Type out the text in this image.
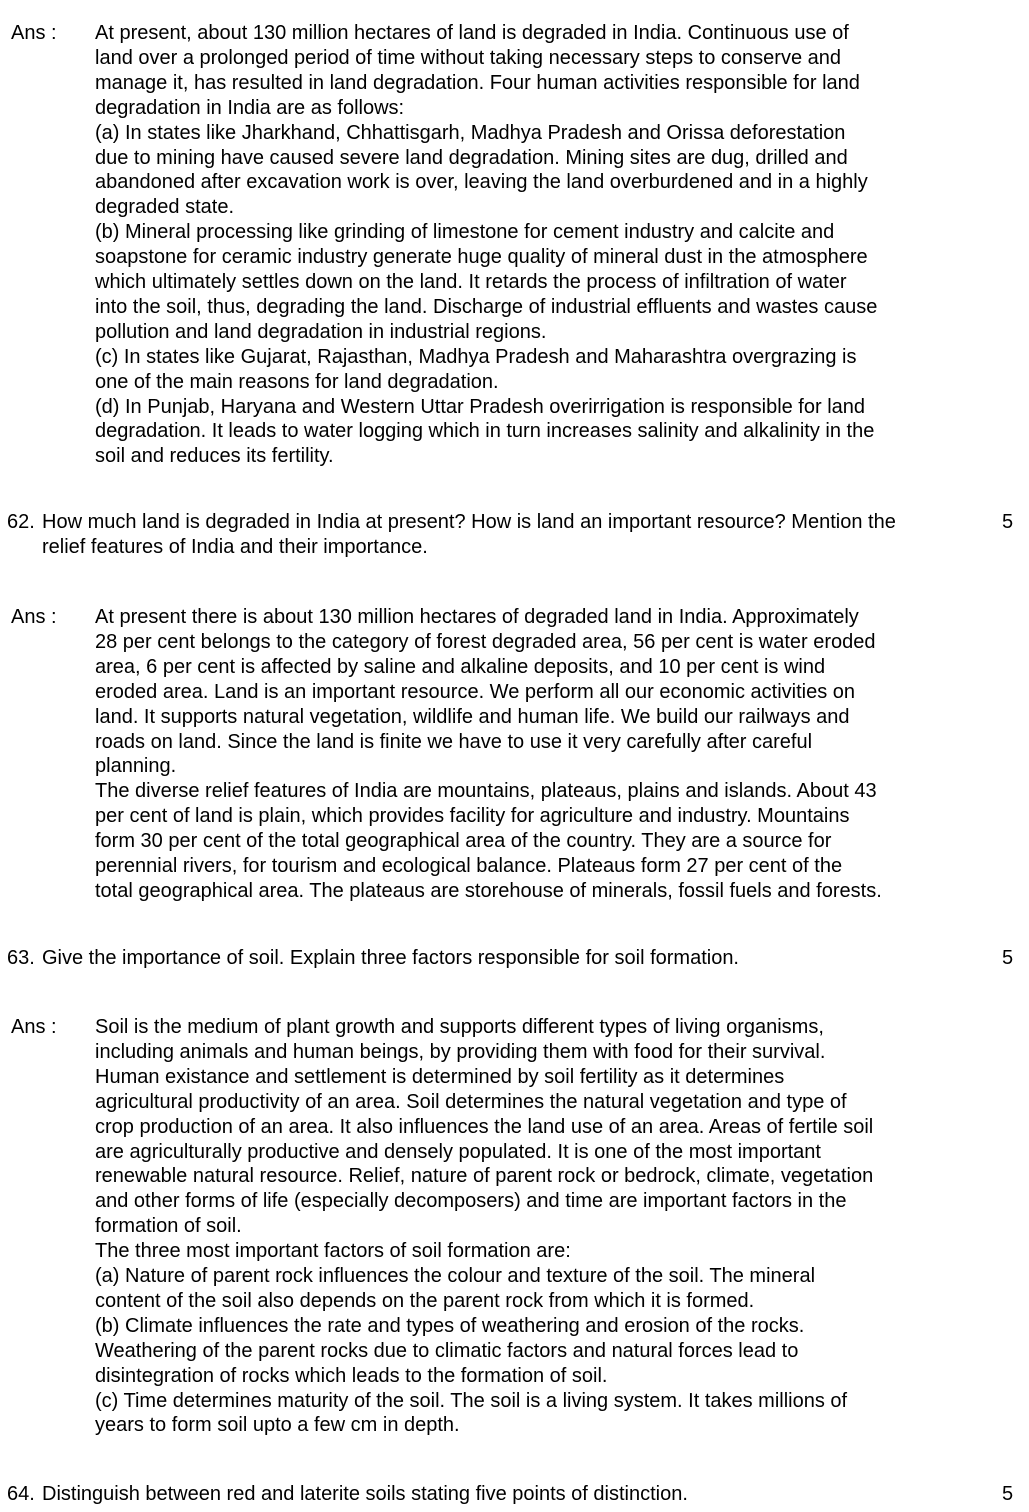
Ans : At present, about 130 million hectares of land is degraded in India. Continuous use of
land over a prolonged period of time without taking necessary steps to conserve and
manage it, has resulted in land degradation. Four human activities responsible for land
degradation in India are as follows:
(a) In states like Jharkhand, Chhattisgarh, Madhya Pradesh and Orissa deforestation
due to mining have caused severe land degradation. Mining sites are dug, drilled and
abandoned after excavation work is over, leaving the land overburdened and in a highly
degraded state.
(b) Mineral processing like grinding of limestone for cement industry and calcite and
soapstone for ceramic industry generate huge quality of mineral dust in the atmosphere
which ultimately settles down on the land. It retards the process of infiltration of water
into the soil, thus, degrading the land. Discharge of industrial effluents and wastes cause
pollution and land degradation in industrial regions.
(c) In states like Gujarat, Rajasthan, Madhya Pradesh and Maharashtra overgrazing is
one of the main reasons for land degradation.
(d) In Punjab, Haryana and Western Uttar Pradesh overirrigation is responsible for land
degradation. It leads to water logging which in turn increases salinity and alkalinity in the
soil and reduces its fertility.
62. How much land is degraded in India at present? How is land an important resource? Mention the
relief features of India and their importance.
5
Ans : At present there is about 130 million hectares of degraded land in India. Approximately
28 per cent belongs to the category of forest degraded area, 56 per cent is water eroded
area, 6 per cent is affected by saline and alkaline deposits, and 10 per cent is wind
eroded area. Land is an important resource. We perform all our economic activities on
land. It supports natural vegetation, wildlife and human life. We build our railways and
roads on land. Since the land is finite we have to use it very carefully after careful
planning.
The diverse relief features of India are mountains, plateaus, plains and islands. About 43
per cent of land is plain, which provides facility for agriculture and industry. Mountains
form 30 per cent of the total geographical area of the country. They are a source for
perennial rivers, for tourism and ecological balance. Plateaus form 27 per cent of the
total geographical area. The plateaus are storehouse of minerals, fossil fuels and forests.
63. Give the importance of soil. Explain three factors responsible for soil formation.	5
Ans : Soil is the medium of plant growth and supports different types of living organisms,
including animals and human beings, by providing them with food for their survival.
Human existance and settlement is determined by soil fertility as it determines
agricultural productivity of an area. Soil determines the natural vegetation and type of
crop production of an area. It also influences the land use of an area. Areas of fertile soil
are agriculturally productive and densely populated. It is one of the most important
renewable natural resource. Relief, nature of parent rock or bedrock, climate, vegetation
and other forms of life (especially decomposers) and time are important factors in the
formation of soil.
The three most important factors of soil formation are:
(a) Nature of parent rock influences the colour and texture of the soil. The mineral
content of the soil also depends on the parent rock from which it is formed.
(b) Climate influences the rate and types of weathering and erosion of the rocks.
Weathering of the parent rocks due to climatic factors and natural forces lead to
disintegration of rocks which leads to the formation of soil.
(c) Time determines maturity of the soil. The soil is a living system. It takes millions of
years to form soil upto a few cm in depth.
64. Distinguish between red and laterite soils stating five points of distinction.	5
